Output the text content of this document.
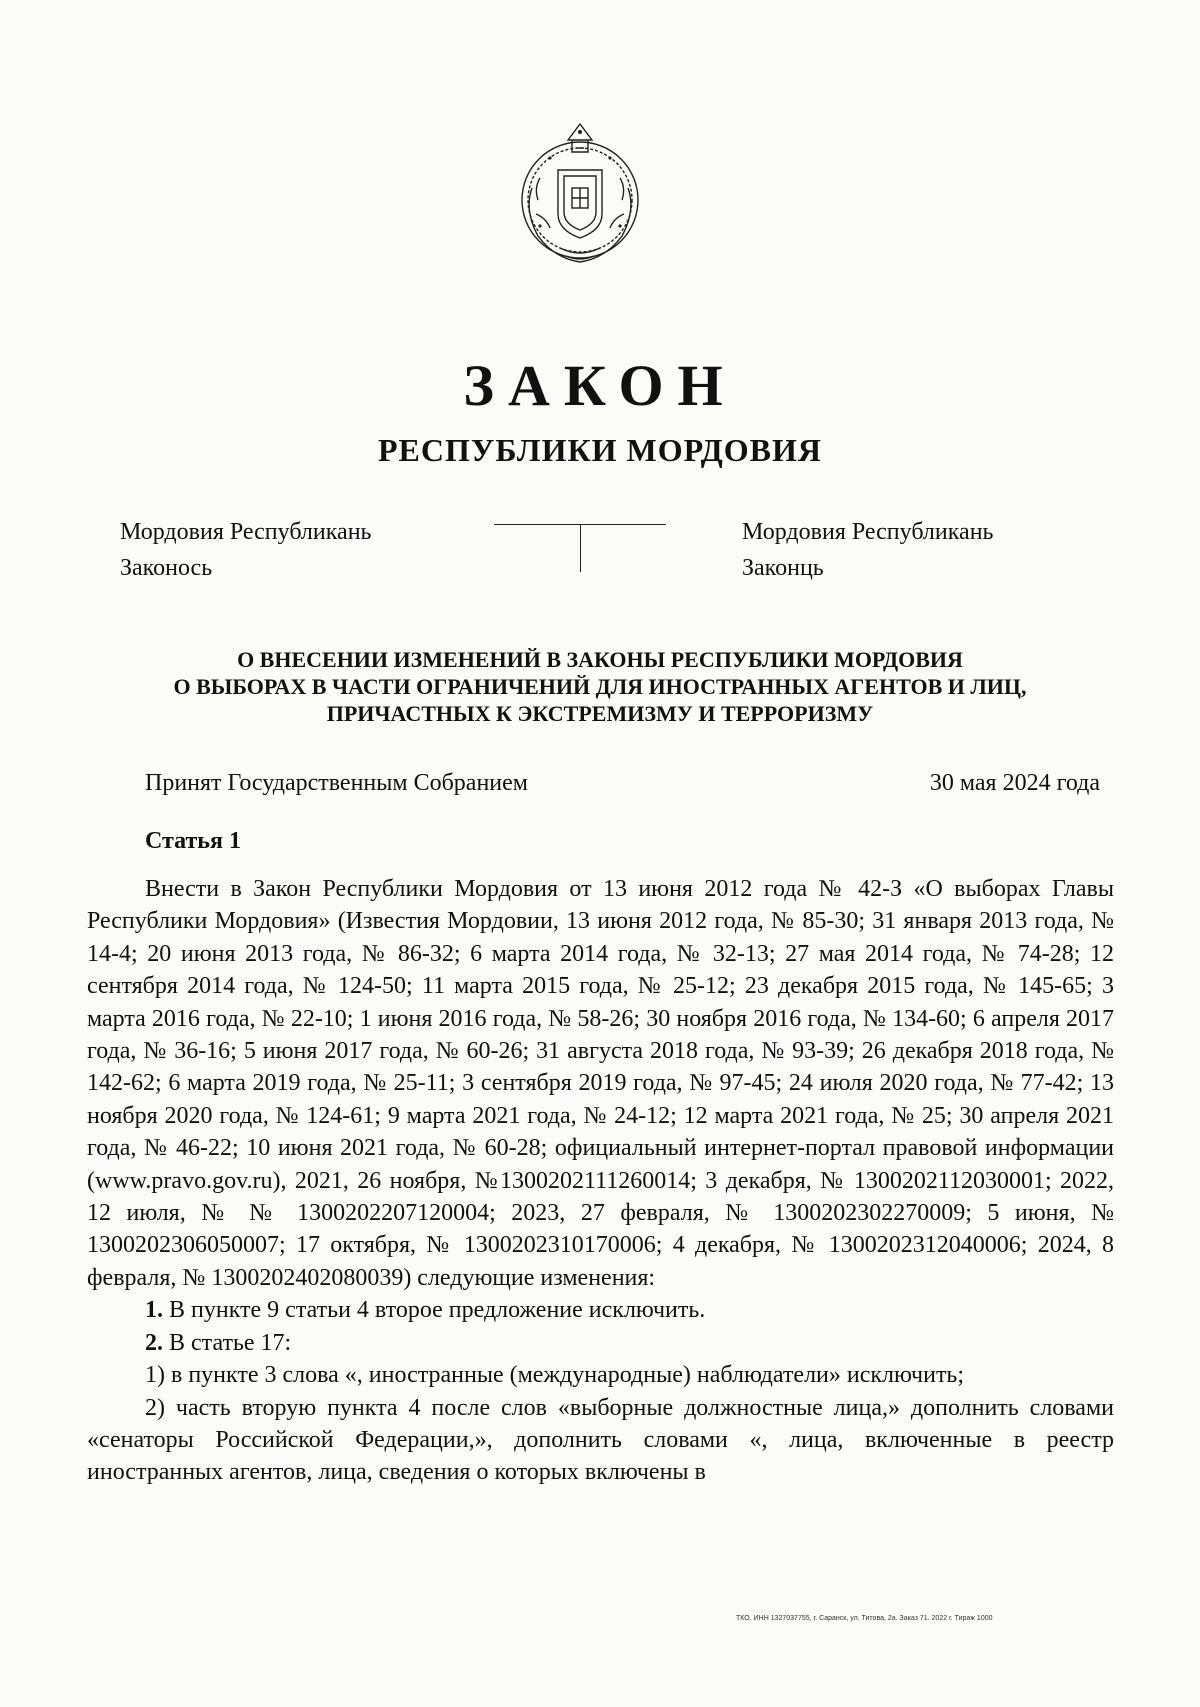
ЗАКОН
РЕСПУБЛИКИ МОРДОВИЯ
Мордовия Республикань
Законось
Мордовия Республикань
Законць
О ВНЕСЕНИИ ИЗМЕНЕНИЙ В ЗАКОНЫ РЕСПУБЛИКИ МОРДОВИЯ
О ВЫБОРАХ В ЧАСТИ ОГРАНИЧЕНИЙ ДЛЯ ИНОСТРАННЫХ АГЕНТОВ И ЛИЦ,
ПРИЧАСТНЫХ К ЭКСТРЕМИЗМУ И ТЕРРОРИЗМУ
Принят Государственным Собранием	30 мая 2024 года
Статья 1

Внести в Закон Республики Мордовия от 13 июня 2012 года № 42-З «О выборах Главы Республики Мордовия» (Известия Мордовии, 13 июня 2012 года, № 85-30; 31 января 2013 года, № 14-4; 20 июня 2013 года, № 86-32; 6 марта 2014 года, № 32-13; 27 мая 2014 года, № 74-28; 12 сентября 2014 года, № 124-50; 11 марта 2015 года, № 25-12; 23 декабря 2015 года, № 145-65; 3 марта 2016 года, № 22-10; 1 июня 2016 года, № 58-26; 30 ноября 2016 года, № 134-60; 6 апреля 2017 года, № 36-16; 5 июня 2017 года, № 60-26; 31 августа 2018 года, № 93-39; 26 декабря 2018 года, № 142-62; 6 марта 2019 года, № 25-11; 3 сентября 2019 года, № 97-45; 24 июля 2020 года, № 77-42; 13 ноября 2020 года, № 124-61; 9 марта 2021 года, № 24-12; 12 марта 2021 года, № 25; 30 апреля 2021 года, № 46-22; 10 июня 2021 года, № 60-28; официальный интернет-портал правовой информации (www.pravo.gov.ru), 2021, 26 ноября, №1300202111260014; 3 декабря, № 1300202112030001; 2022, 12 июля, № № 1300202207120004; 2023, 27 февраля, № 1300202302270009; 5 июня, № 1300202306050007; 17 октября, № 1300202310170006; 4 декабря, № 1300202312040006; 2024, 8 февраля, № 1300202402080039) следующие изменения:

1. В пункте 9 статьи 4 второе предложение исключить.

2. В статье 17:

1) в пункте 3 слова «, иностранные (международные) наблюдатели» исключить;

2) часть вторую пункта 4 после слов «выборные должностные лица,» дополнить словами «сенаторы Российской Федерации,», дополнить словами «, лица, включенные в реестр иностранных агентов, лица, сведения о которых включены в

ТКО. ИНН 1327037755, г. Саранск, ул. Титова, 2а. Заказ 71. 2022 г. Тираж 1000
